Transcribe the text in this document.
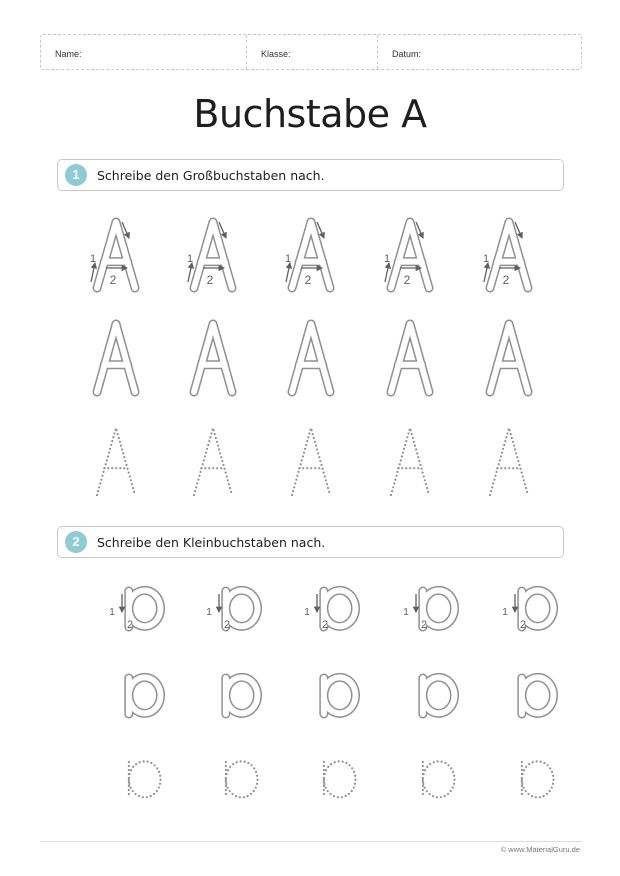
Name:	Klasse:	Datum:
Buchstabe A
1	Schreibe den Großbuchstaben nach.
2	Schreibe den Kleinbuchstaben nach.
1
2
1
2
1
2
1
2
1
2
1
2
1
2
1
2
1
2
1
2
© www.MaterialGuru.de
